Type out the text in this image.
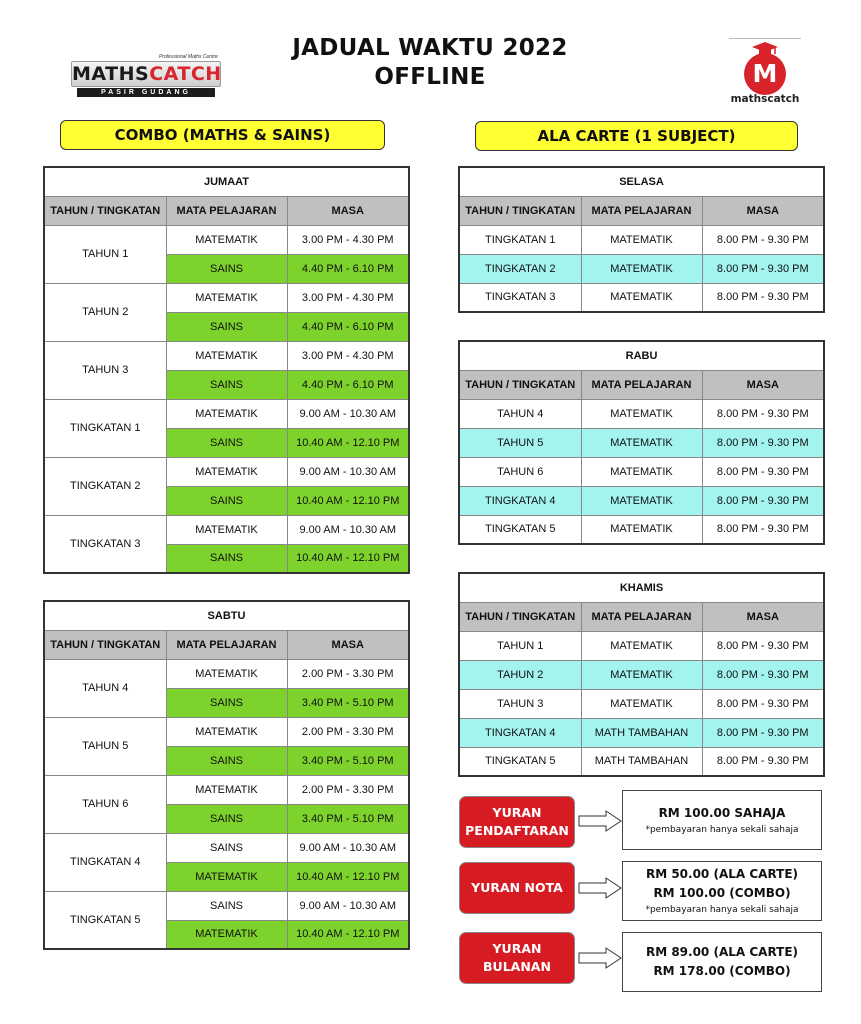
JADUAL WAKTU 2022
OFFLINE
Professional Maths Centre
MATHSCATCH
PASIR GUDANG
M
mathscatch
COMBO (MATHS & SAINS)	ALA CARTE (1 SUBJECT)
JUMAAT		
TAHUN / TINGKATAN	MATA PELAJARAN	MASA
TAHUN 1	MATEMATIK	3.00 PM - 4.30 PM
	SAINS	4.40 PM - 6.10 PM
TAHUN 2	MATEMATIK	3.00 PM - 4.30 PM
	SAINS	4.40 PM - 6.10 PM
TAHUN 3	MATEMATIK	3.00 PM - 4.30 PM
	SAINS	4.40 PM - 6.10 PM
TINGKATAN 1	MATEMATIK	9.00 AM - 10.30 AM
	SAINS	10.40 AM - 12.10 PM
TINGKATAN 2	MATEMATIK	9.00 AM - 10.30 AM
	SAINS	10.40 AM - 12.10 PM
TINGKATAN 3	MATEMATIK	9.00 AM - 10.30 AM
	SAINS	10.40 AM - 12.10 PM
SABTU		
TAHUN / TINGKATAN	MATA PELAJARAN	MASA
TAHUN 4	MATEMATIK	2.00 PM - 3.30 PM
	SAINS	3.40 PM - 5.10 PM
TAHUN 5	MATEMATIK	2.00 PM - 3.30 PM
	SAINS	3.40 PM - 5.10 PM
TAHUN 6	MATEMATIK	2.00 PM - 3.30 PM
	SAINS	3.40 PM - 5.10 PM
TINGKATAN 4	SAINS	9.00 AM - 10.30 AM
	MATEMATIK	10.40 AM - 12.10 PM
TINGKATAN 5	SAINS	9.00 AM - 10.30 AM
	MATEMATIK	10.40 AM - 12.10 PM
SELASA		
TAHUN / TINGKATAN	MATA PELAJARAN	MASA
TINGKATAN 1	MATEMATIK	8.00 PM - 9.30 PM
TINGKATAN 2	MATEMATIK	8.00 PM - 9.30 PM
TINGKATAN 3	MATEMATIK	8.00 PM - 9.30 PM
RABU		
TAHUN / TINGKATAN	MATA PELAJARAN	MASA
TAHUN 4	MATEMATIK	8.00 PM - 9.30 PM
TAHUN 5	MATEMATIK	8.00 PM - 9.30 PM
TAHUN 6	MATEMATIK	8.00 PM - 9.30 PM
TINGKATAN 4	MATEMATIK	8.00 PM - 9.30 PM
TINGKATAN 5	MATEMATIK	8.00 PM - 9.30 PM
KHAMIS		
TAHUN / TINGKATAN	MATA PELAJARAN	MASA
TAHUN 1	MATEMATIK	8.00 PM - 9.30 PM
TAHUN 2	MATEMATIK	8.00 PM - 9.30 PM
TAHUN 3	MATEMATIK	8.00 PM - 9.30 PM
TINGKATAN 4	MATH TAMBAHAN	8.00 PM - 9.30 PM
TINGKATAN 5	MATH TAMBAHAN	8.00 PM - 9.30 PM
YURAN
PENDAFTARAN
RM 100.00 SAHAJA
*pembayaran hanya sekali sahaja
YURAN NOTA
RM 50.00 (ALA CARTE)
RM 100.00 (COMBO)
*pembayaran hanya sekali sahaja
YURAN
BULANAN
RM 89.00 (ALA CARTE)
RM 178.00 (COMBO)
